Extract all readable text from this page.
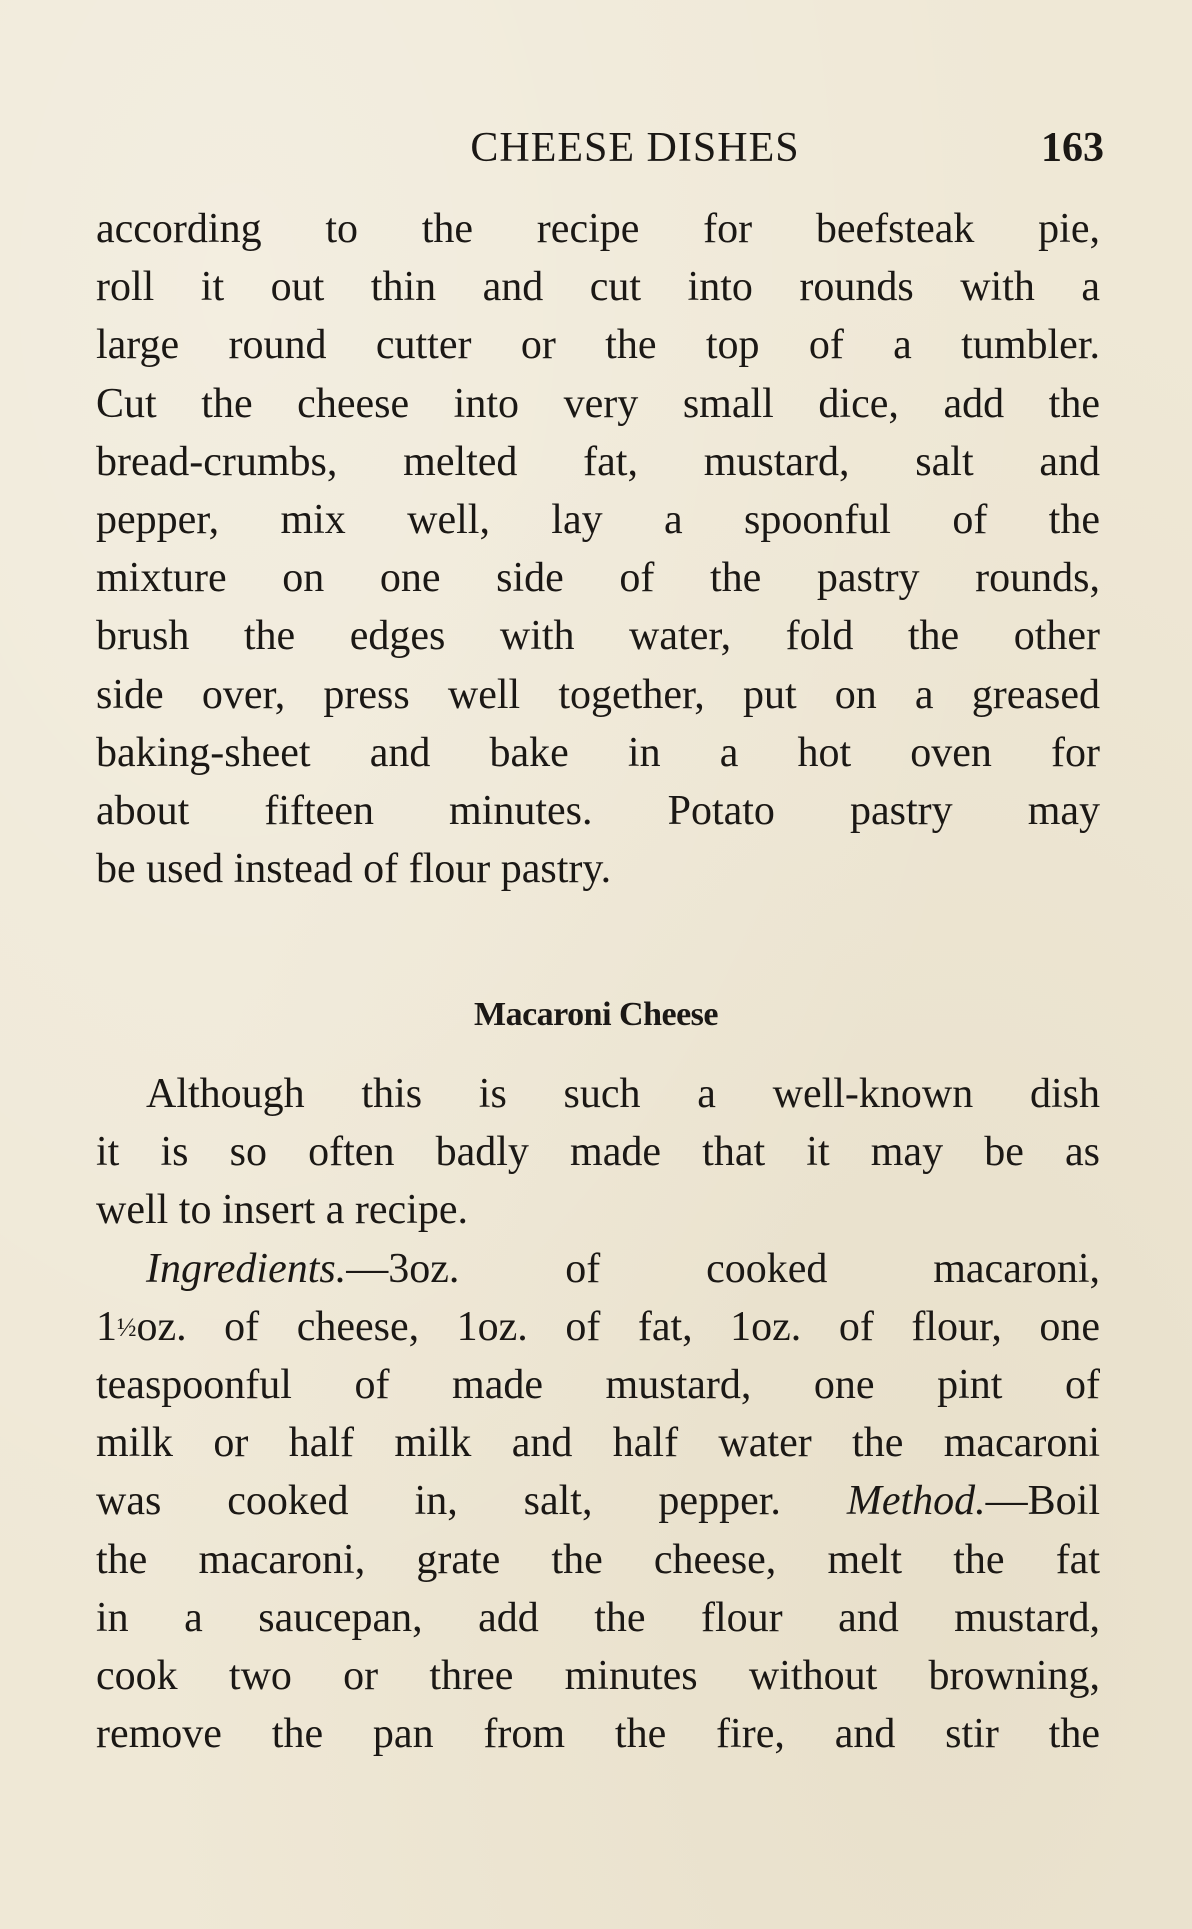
CHEESE DISHES	163
according to the recipe for beefsteak pie,
roll it out thin and cut into rounds with a
large round cutter or the top of a tumbler.
Cut the cheese into very small dice, add the
bread-crumbs, melted fat, mustard, salt and
pepper, mix well, lay a spoonful of the
mixture on one side of the pastry rounds,
brush the edges with water, fold the other
side over, press well together, put on a greased
baking-sheet and bake in a hot oven for
about fifteen minutes. Potato pastry may
be used instead of flour pastry.
Macaroni Cheese
Although this is such a well-known dish
it is so often badly made that it may be as
well to insert a recipe.
Ingredients.—3oz. of cooked macaroni,
1½oz. of cheese, 1oz. of fat, 1oz. of flour, one
teaspoonful of made mustard, one pint of
milk or half milk and half water the macaroni
was cooked in, salt, pepper. Method.—Boil
the macaroni, grate the cheese, melt the fat
in a saucepan, add the flour and mustard,
cook two or three minutes without browning,
remove the pan from the fire, and stir the
